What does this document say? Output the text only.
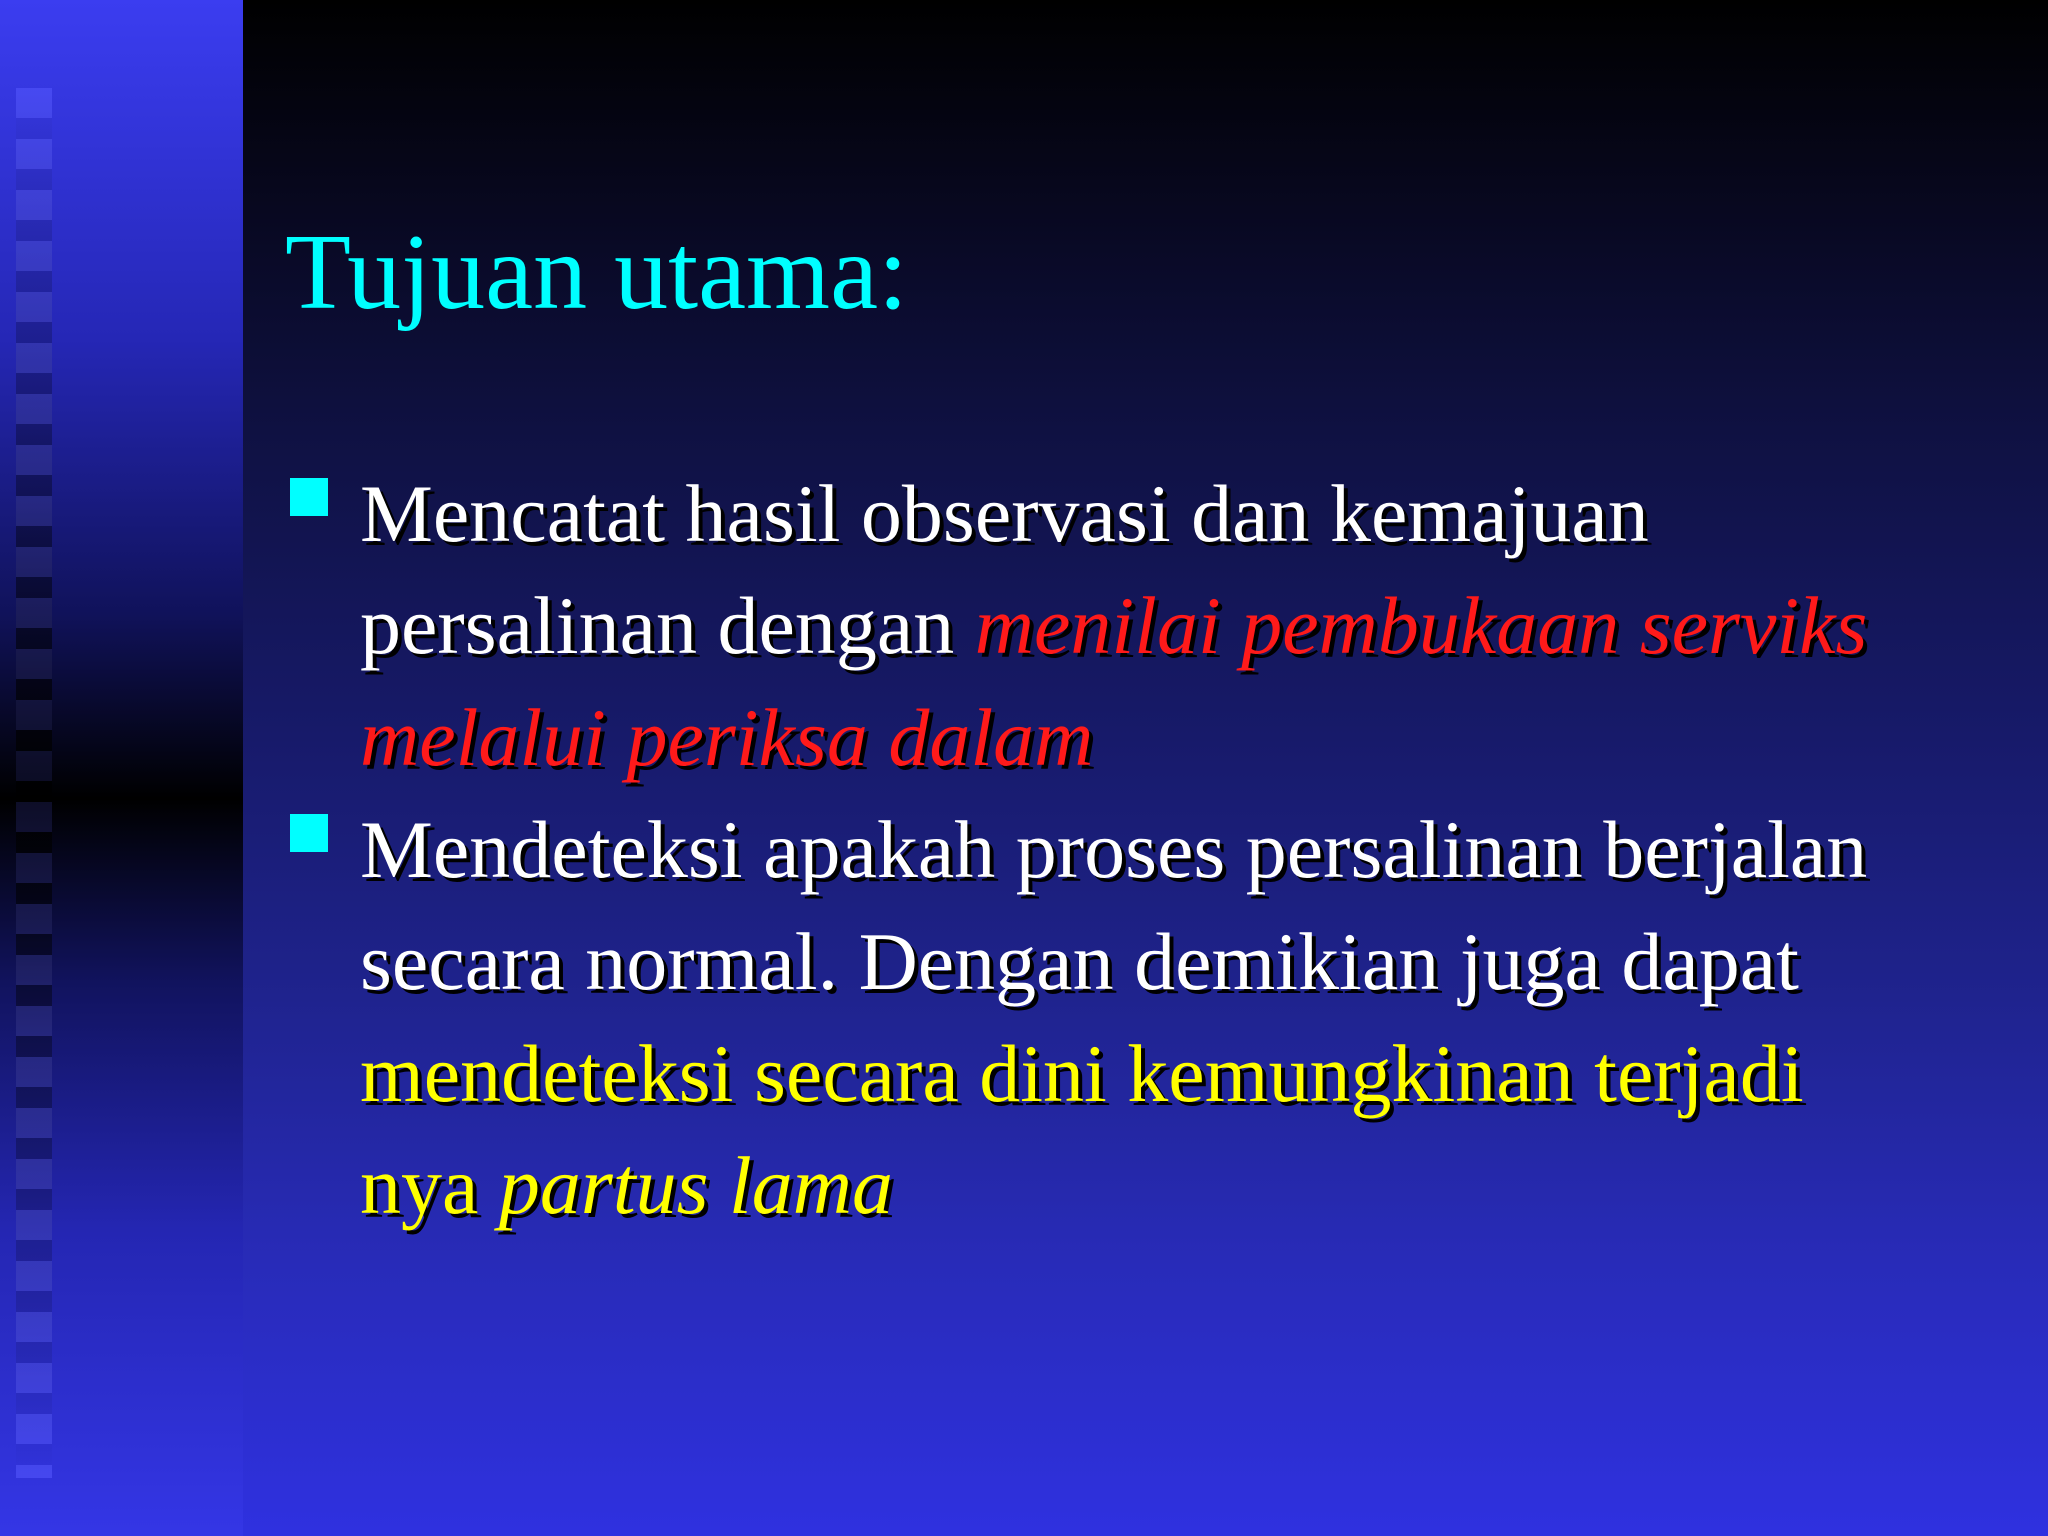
Tujuan utama:
Mencatat hasil observasi dan kemajuan persalinan dengan menilai pembukaan serviks melalui periksa dalam
Mendeteksi apakah proses persalinan berjalan secara normal. Dengan demikian juga dapat mendeteksi secara dini kemungkinan terjadi nya partus lama
